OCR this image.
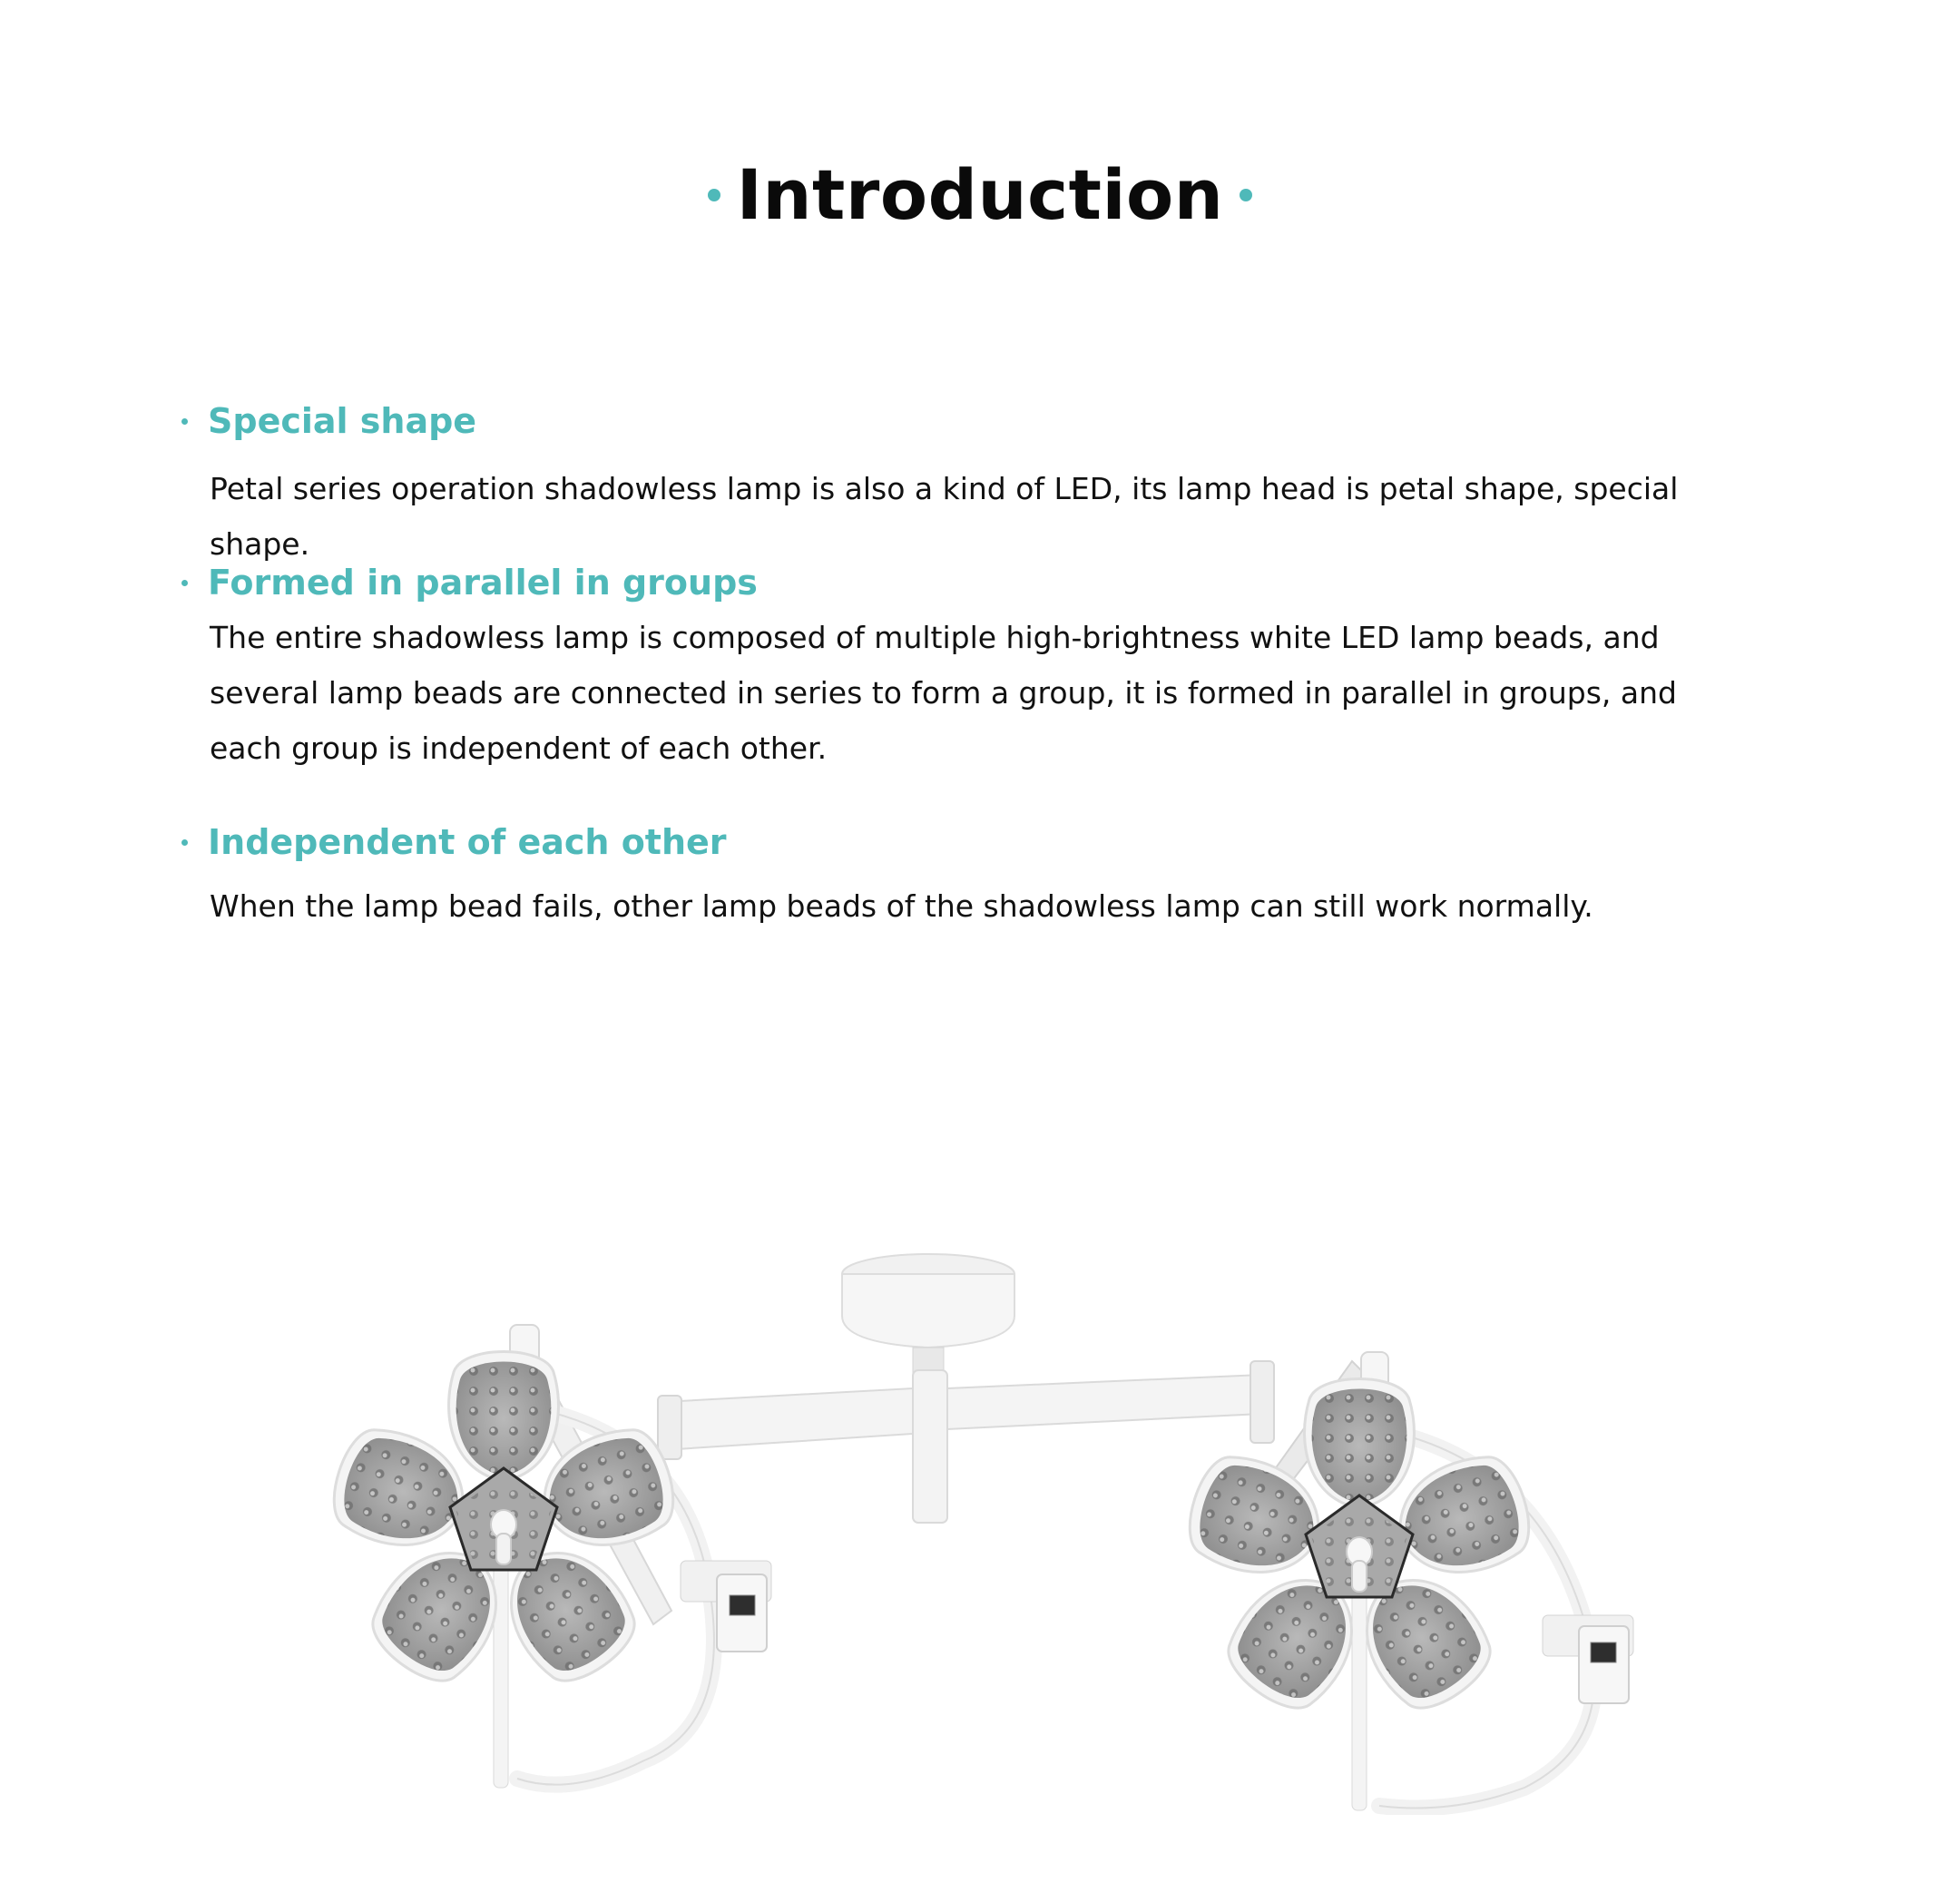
Introduction
Special shape
Petal series operation shadowless lamp is also a kind of LED, its lamp head is petal shape, special shape.
Formed in parallel in groups
The entire shadowless lamp is composed of multiple high-brightness white LED lamp beads, and several lamp beads are connected in series to form a group, it is formed in parallel in groups, and each group is independent of each other.
Independent of each other
When the lamp bead fails, other lamp beads of the shadowless lamp can still work normally.
